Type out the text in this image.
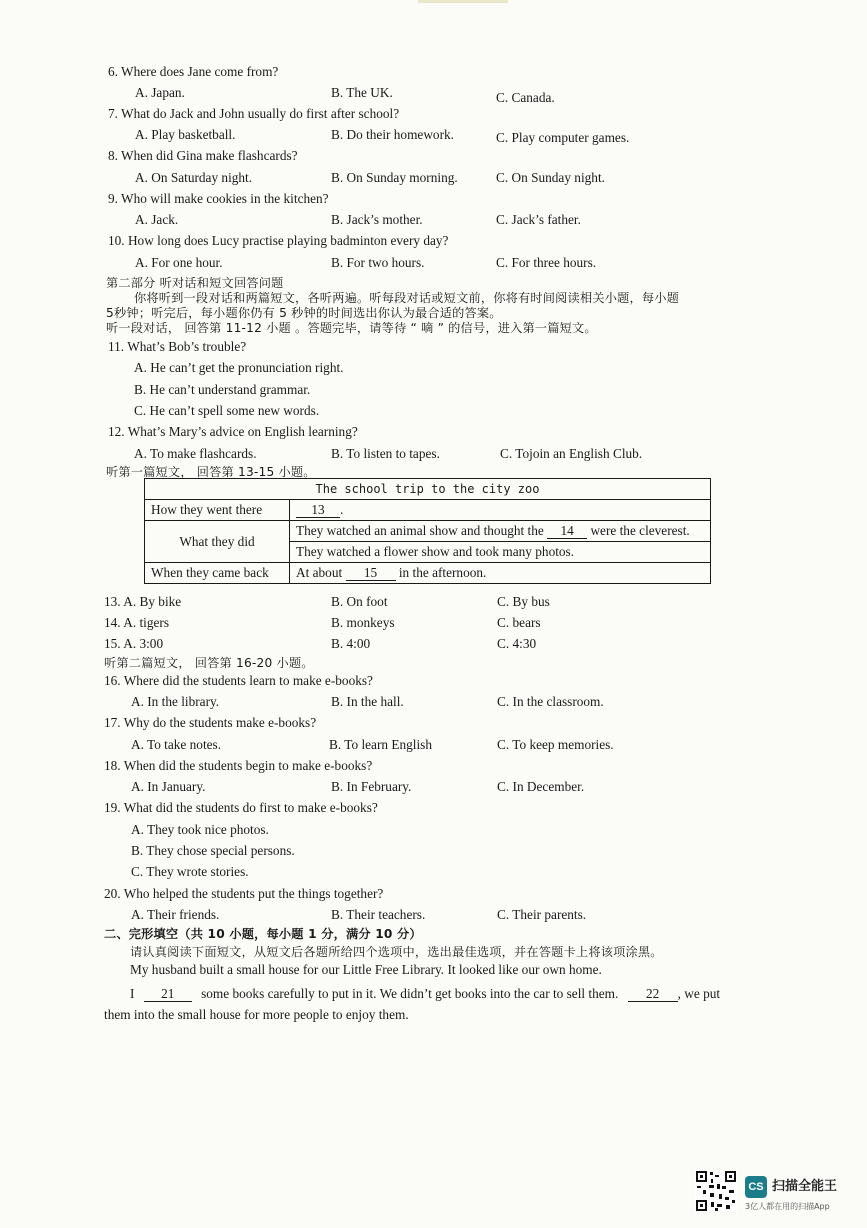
6. Where does Jane come from?
A. Japan.	B. The UK.	C. Canada.
7. What do Jack and John usually do first after school?
A. Play basketball.	B. Do their homework.	C. Play computer games.
8. When did Gina make flashcards?
A. On Saturday night.	B. On Sunday morning.	C. On Sunday night.
9. Who will make cookies in the kitchen?
A. Jack.	B. Jack’s mother.	C. Jack’s father.
10. How long does Lucy practise playing badminton every day?
A. For one hour.	B. For two hours.	C. For three hours.
第二部分 听对话和短文回答问题
你将听到一段对话和两篇短文，各听两遍。听每段对话或短文前，你将有时间阅读相关小题，每小题
5秒钟；听完后，每小题你仍有 5 秒钟的时间选出你认为最合适的答案。
听一段对话， 回答第 11-12 小题 。答题完毕，请等待 “ 嘀 ” 的信号，进入第一篇短文。
11. What’s Bob’s trouble?
A. He can’t get the pronunciation right.
B. He can’t understand grammar.
C. He can’t spell some new words.
12. What’s Mary’s advice on English learning?
A. To make flashcards.	B. To listen to tapes.	C. Tojoin an English Club.
听第一篇短文， 回答第 13-15 小题。
The school trip to the city zoo	
How they went there	13 .
What they did	They watched an animal show and thought the 14 were the cleverest.
	They watched a flower show and took many photos.
When they came back	At about 15 in the afternoon.
13. A. By bike	B. On foot	C. By bus
14. A. tigers	B. monkeys	C. bears
15. A. 3:00	B. 4:00	C. 4:30
听第二篇短文， 回答第 16-20 小题。
16. Where did the students learn to make e-books?
A. In the library.	B. In the hall.	C. In the classroom.
17. Why do the students make e-books?
A. To take notes.	B. To learn English	C. To keep memories.
18. When did the students begin to make e-books?
A. In January.	B. In February.	C. In December.
19. What did the students do first to make e-books?
A. They took nice photos.
B. They chose special persons.
C. They wrote stories.
20. Who helped the students put the things together?
A. Their friends.	B. Their teachers.	C. Their parents.
二、完形填空（共 10 小题，每小题 1 分，满分 10 分）
请认真阅读下面短文，从短文后各题所给四个选项中，选出最佳选项，并在答题卡上将该项涂黑。
My husband built a small house for our Little Free Library. It looked like our own home.
I 21 some books carefully to put in it. We didn’t get books into the car to sell them. 22 , we put
them into the small house for more people to enjoy them.
CS 扫描全能王
3亿人都在用的扫描App
